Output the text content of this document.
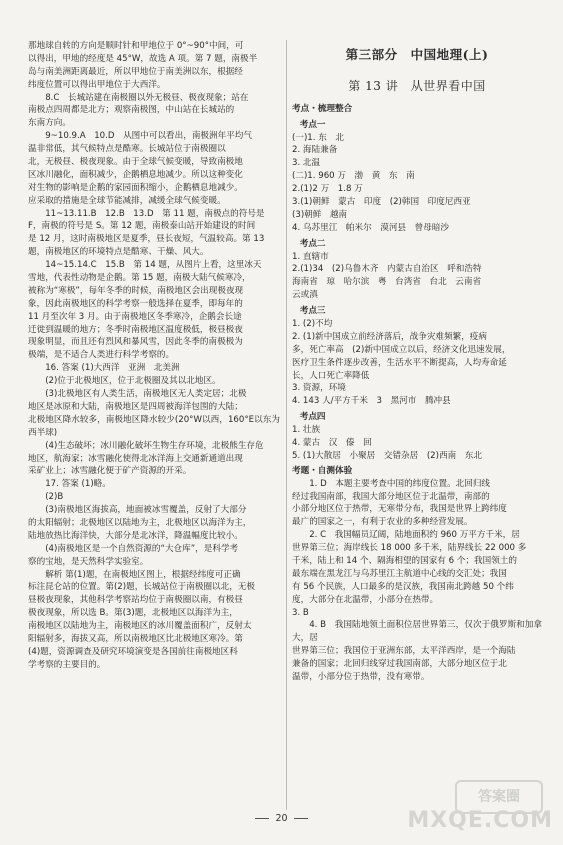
那地球自转的方向是顺时针和甲地位于 0°~90°中间，可

以得出，甲地的经度是 45°W，故选 A 项。第 7 题，南极半

岛与南美洲距离最近，所以甲地位于南美洲以东，根据经

纬度位置可以得出甲地位于大西洋。

8.C　长城站建在南极圈以外无极昼、极夜现象；站在

南极点四周都是北方；观察南极图，中山站在长城站的

东南方向。

9~10.9.A　10.D　从图中可以看出，南极洲年平均气

温非常低，其气候特点是酷寒。长城站位于南极圈以

北，无极昼、极夜现象。由于全球气候变暖，导致南极地

区冰川融化，面积减少，企鹅栖息地减少。所以这种变化

对生物的影响是企鹅的家园面积缩小，企鹅栖息地减少。

应采取的措施是全球节能减排，减缓全球气候变暖。

11~13.11.B　12.B　13.D　第 11 题，南极点的符号是

F，南极的符号是 S。第 12 题，南极泰山站开始建设的时间

是 12 月，这时南极地区是夏季，昼长夜短，气温较高。第 13

题，南极地区的环境特点是酷寒、干燥、风大。

14~15.14.C　15.B　第 14 题，从图片上看，这里冰天

雪地，代表性动物是企鹅。第 15 题，南极大陆气候寒冷，

被称为“寒极”，每年冬季的时候，南极地区会出现极夜现

象，因此南极地区的科学考察一般选择在夏季，即每年的

11 月至次年 3 月。由于南极地区冬季寒冷，企鹅会长途

迁徙到温暖的地方；冬季时南极地区温度极低，极昼极夜

现象明显，而且还有烈风和暴风雪，因此冬季的南极极为

极端，是不适合人类进行科学考察的。

16. 答案 (1)大西洋　亚洲　北美洲

(2)位于北极地区，位于北极圈及其以北地区。

(3)北极地区有人类生活，南极地区无人类定居；北极

地区是冰原和大陆，南极地区是四周被海洋包围的大陆；

北极地区降水较多，南极地区降水较少(20°W以西，160°E以东为西半球)

(4)生态破坏；冰川融化破坏生物生存环境，北极熊生存危

地区，航海家；冰雪融化使得北冰洋海上交通新通道出现

采矿业上；冰雪融化便于矿产资源的开采。

17. 答案 (1)略。

(2)B

(3)南极地区海拔高，地面被冰雪覆盖，反射了大部分

的太阳辐射；北极地区以陆地为主，北极地区以海洋为主，

陆地放热比海洋快，大部分是北冰洋，降温幅度比较小。

(4)南极地区是一个自然资源的“大仓库”，是科学考

察的宝地，是天然科学实验室。

解析 第(1)题，在南极地区图上，根据经纬度可正确

标注昆仑站的位置。第(2)题，长城站位于南极圈以北，无极

昼极夜现象，其他科学考察站均位于南极圈以南，有极昼

极夜现象，所以选 B。第(3)题，北极地区以海洋为主，

南极地区以陆地为主，南极地区的冰川覆盖面积广，反射太

阳辐射多，海拔又高，所以南极地区比北极地区寒冷。第

(4)题，资源调查及研究环境演变是各国前往南极地区科

学考察的主要目的。

第三部分　中国地理(上)
第 13 讲　从世界看中国

考点・梳理整合

考点一

(一)1. 东　北

2. 海陆兼备

3. 北温

(二)1. 960 万　渤　黄　东　南

2.(1)2 万　1.8 万

3.(1)朝鲜　蒙古　印度　(2)韩国　印度尼西亚

(3)朝鲜　越南

4. 乌苏里江　帕米尔　漠河县　曾母暗沙

考点二

1. 直辖市

2.(1)34　(2)乌鲁木齐　内蒙古自治区　呼和浩特

海南省　琼　哈尔滨　粤　台湾省　台北　云南省

云或滇

考点三

1. (2)不均

2. (1)新中国成立前经济落后，战争灾难频繁，疫病

多，死亡率高　(2)新中国成立以后，经济文化迅速发展，

医疗卫生条件逐步改善，生活水平不断提高，人均寿命延

长，人口死亡率降低

3. 资源，环境

4. 143 人/平方千米　3　黑河市　腾冲县

考点四

1. 壮族

4. 蒙古　汉　傣　回

5. (1)大散居　小聚居　交错杂居　(2)西南　东北

考题・自测体验

1. D　本题主要考查中国的纬度位置。北回归线

经过我国南部，我国大部分地区位于北温带，南部的

小部分地区位于热带，无寒带分布，我国是世界上跨纬度

最广的国家之一，有利于农业的多种经营发展。

2. C　我国幅员辽阔，陆地面积约 960 万平方千米，居

世界第三位；海岸线长 18 000 多千米，陆界线长 22 000 多

千米，陆上和 14 个、隔海相望的国家有 6 个；我国领土的

最东端在黑龙江与乌苏里江主航道中心线的交汇处；我国

有 56 个民族，人口最多的是汉族，我国南北跨越 50 个纬

度，大部分在北温带，小部分在热带。

3. B

4. B　我国陆地领土面积位居世界第三，仅次于俄罗斯和加拿大，居

世界第三位；我国位于亚洲东部，太平洋西岸，是一个海陆

兼备的国家；北回归线穿过我国南部，大部分地区位于北

温带，小部分位于热带，没有寒带。

20
答案圈
MXQE.COM
